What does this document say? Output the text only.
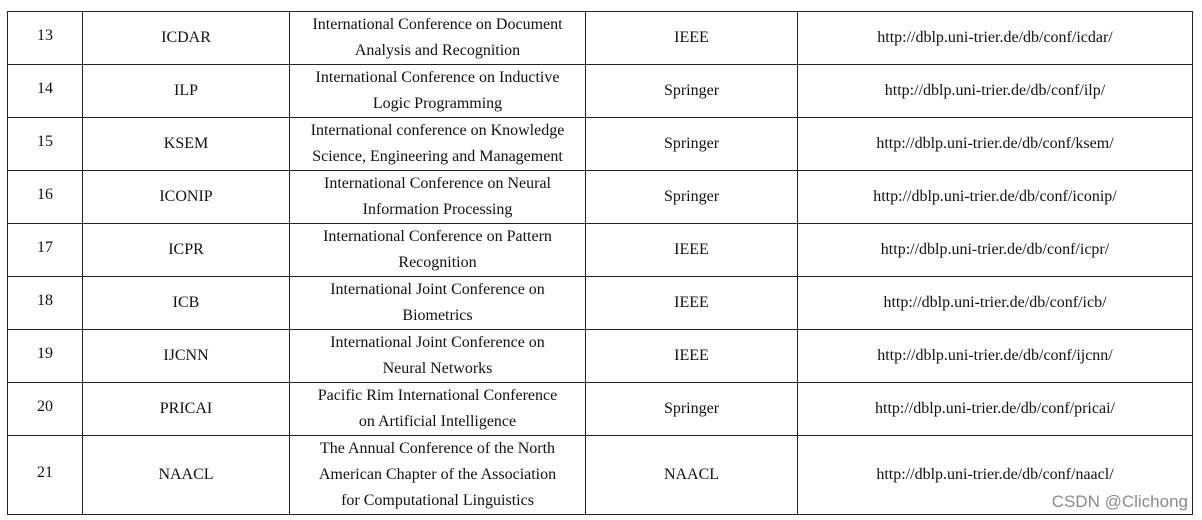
13	ICDAR	International Conference on Document
Analysis and Recognition	IEEE	http://dblp.uni-trier.de/db/conf/icdar/
14	ILP	International Conference on Inductive
Logic Programming	Springer	http://dblp.uni-trier.de/db/conf/ilp/
15	KSEM	International conference on Knowledge
Science, Engineering and Management	Springer	http://dblp.uni-trier.de/db/conf/ksem/
16	ICONIP	International Conference on Neural
Information Processing	Springer	http://dblp.uni-trier.de/db/conf/iconip/
17	ICPR	International Conference on Pattern
Recognition	IEEE	http://dblp.uni-trier.de/db/conf/icpr/
18	ICB	International Joint Conference on
Biometrics	IEEE	http://dblp.uni-trier.de/db/conf/icb/
19	IJCNN	International Joint Conference on
Neural Networks	IEEE	http://dblp.uni-trier.de/db/conf/ijcnn/
20	PRICAI	Pacific Rim International Conference
on Artificial Intelligence	Springer	http://dblp.uni-trier.de/db/conf/pricai/
21	NAACL	The Annual Conference of the North
American Chapter of the Association
for Computational Linguistics	NAACL	http://dblp.uni-trier.de/db/conf/naacl/
CSDN @Clichong
